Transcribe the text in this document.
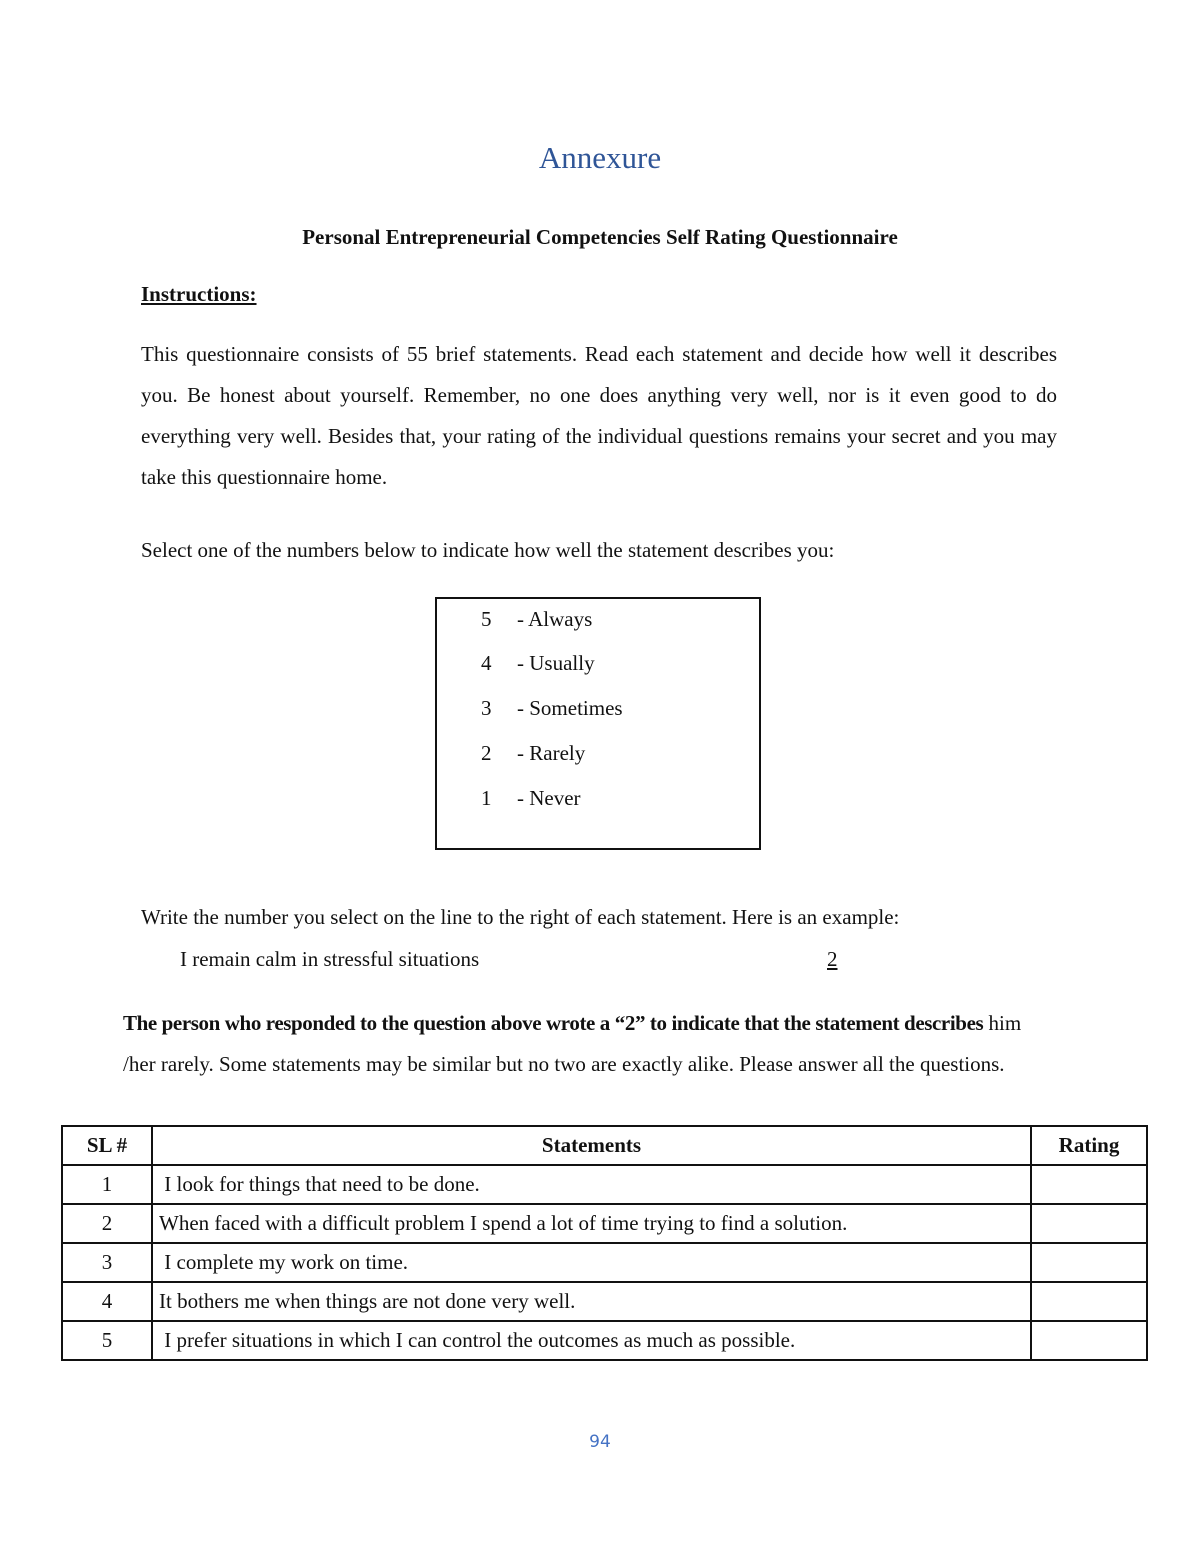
Annexure
Personal Entrepreneurial Competencies Self Rating Questionnaire
Instructions:
This questionnaire consists of 55 brief statements. Read each statement and decide how well it describes you. Be honest about yourself. Remember, no one does anything very well, nor is it even good to do everything very well. Besides that, your rating of the individual questions remains your secret and you may take this questionnaire home.
Select one of the numbers below to indicate how well the statement describes you:
5 - Always
4 - Usually
3 - Sometimes
2 - Rarely
1 - Never
Write the number you select on the line to the right of each statement. Here is an example:
I remain calm in stressful situations	2
The person who responded to the question above wrote a “2” to indicate that the statement describes him /her rarely. Some statements may be similar but no two are exactly alike. Please answer all the questions.
SL #	Statements	Rating
1	I look for things that need to be done.	
2	When faced with a difficult problem I spend a lot of time trying to find a solution.	
3	I complete my work on time.	
4	It bothers me when things are not done very well.	
5	I prefer situations in which I can control the outcomes as much as possible.	
94
